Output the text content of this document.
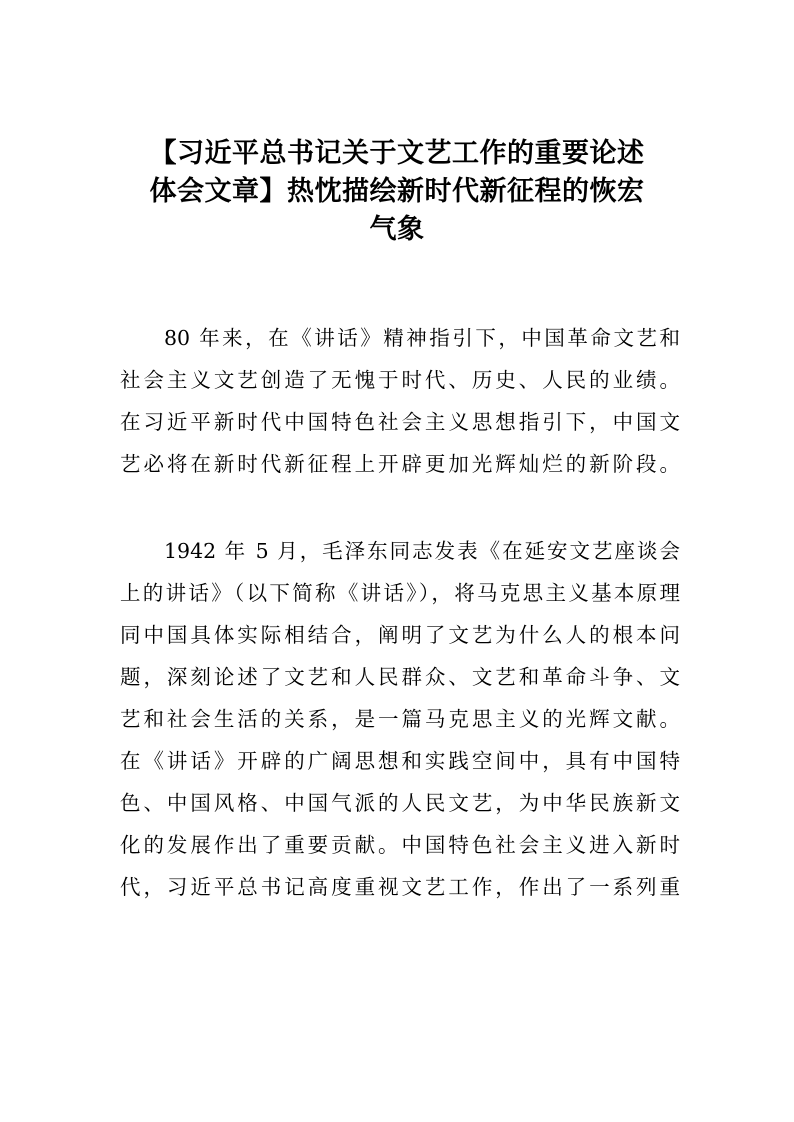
【习近平总书记关于文艺工作的重要论述
体会文章】热忱描绘新时代新征程的恢宏
气象
80 年来，在《讲话》精神指引下，中国革命文艺和
社会主义文艺创造了无愧于时代、历史、人民的业绩。
在习近平新时代中国特色社会主义思想指引下，中国文
艺必将在新时代新征程上开辟更加光辉灿烂的新阶段。
1942 年 5 月，毛泽东同志发表《在延安文艺座谈会
上的讲话》（以下简称《讲话》），将马克思主义基本原理
同中国具体实际相结合，阐明了文艺为什么人的根本问
题，深刻论述了文艺和人民群众、文艺和革命斗争、文
艺和社会生活的关系，是一篇马克思主义的光辉文献。
在《讲话》开辟的广阔思想和实践空间中，具有中国特
色、中国风格、中国气派的人民文艺，为中华民族新文
化的发展作出了重要贡献。中国特色社会主义进入新时
代，习近平总书记高度重视文艺工作，作出了一系列重
